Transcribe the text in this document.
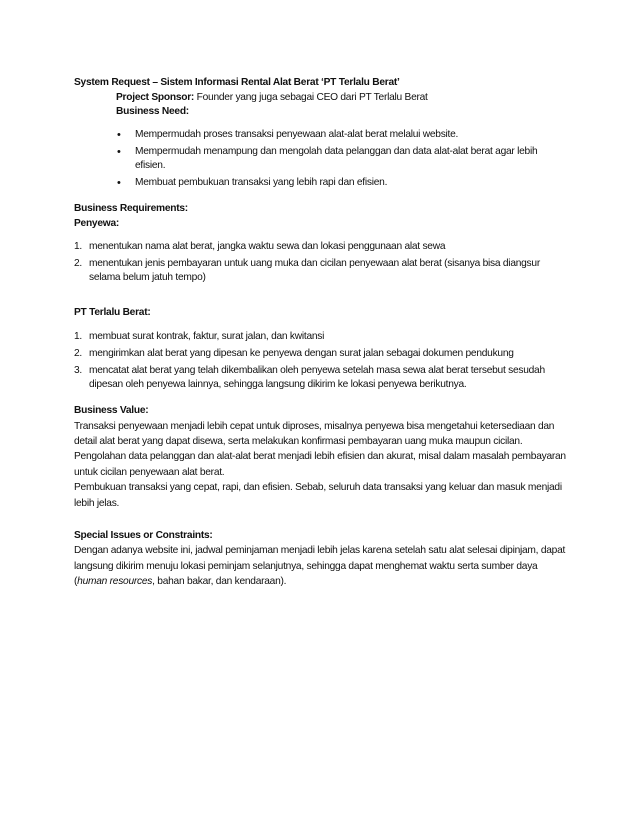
System Request – Sistem Informasi Rental Alat Berat ‘PT Terlalu Berat’

Project Sponsor: Founder yang juga sebagai CEO dari PT Terlalu Berat

Business Need:

• Mempermudah proses transaksi penyewaan alat-alat berat melalui website.
• Mempermudah menampung dan mengolah data pelanggan dan data alat-alat berat agar lebih efisien.
• Membuat pembukuan transaksi yang lebih rapi dan efisien.

Business Requirements:

Penyewa:

1. menentukan nama alat berat, jangka waktu sewa dan lokasi penggunaan alat sewa
2. menentukan jenis pembayaran untuk uang muka dan cicilan penyewaan alat berat (sisanya bisa diangsur selama belum jatuh tempo)

PT Terlalu Berat:

1. membuat surat kontrak, faktur, surat jalan, dan kwitansi
2. mengirimkan alat berat yang dipesan ke penyewa dengan surat jalan sebagai dokumen pendukung
3. mencatat alat berat yang telah dikembalikan oleh penyewa setelah masa sewa alat berat tersebut sesudah dipesan oleh penyewa lainnya, sehingga langsung dikirim ke lokasi penyewa berikutnya.

Business Value:

Transaksi penyewaan menjadi lebih cepat untuk diproses, misalnya penyewa bisa mengetahui ketersediaan dan detail alat berat yang dapat disewa, serta melakukan konfirmasi pembayaran uang muka maupun cicilan.

Pengolahan data pelanggan dan alat-alat berat menjadi lebih efisien dan akurat, misal dalam masalah pembayaran untuk cicilan penyewaan alat berat.

Pembukuan transaksi yang cepat, rapi, dan efisien. Sebab, seluruh data transaksi yang keluar dan masuk menjadi lebih jelas.

Special Issues or Constraints:

Dengan adanya website ini, jadwal peminjaman menjadi lebih jelas karena setelah satu alat selesai dipinjam, dapat langsung dikirim menuju lokasi peminjam selanjutnya, sehingga dapat menghemat waktu serta sumber daya (human resources, bahan bakar, dan kendaraan).
